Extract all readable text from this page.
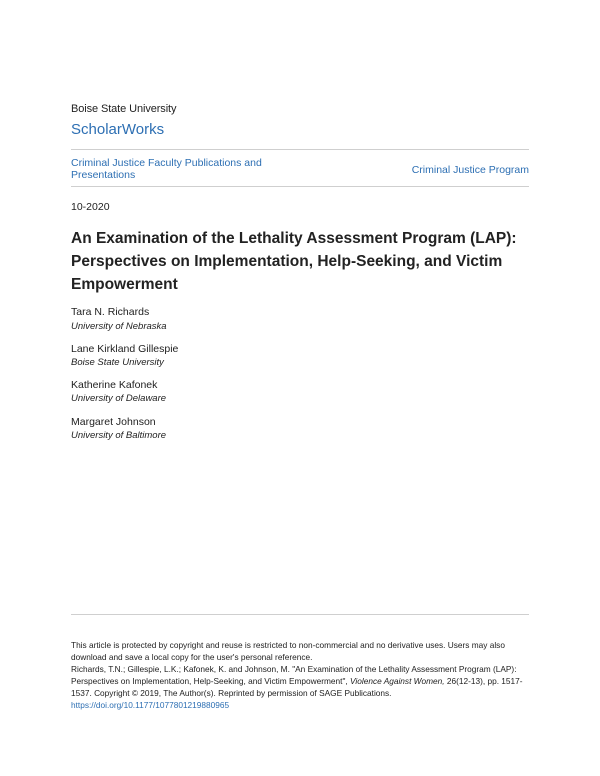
Boise State University
ScholarWorks
Criminal Justice Faculty Publications and Presentations	Criminal Justice Program
10-2020
An Examination of the Lethality Assessment Program (LAP): Perspectives on Implementation, Help-Seeking, and Victim Empowerment
Tara N. Richards
University of Nebraska
Lane Kirkland Gillespie
Boise State University
Katherine Kafonek
University of Delaware
Margaret Johnson
University of Baltimore
This article is protected by copyright and reuse is restricted to non-commercial and no derivative uses. Users may also download and save a local copy for the user's personal reference.
Richards, T.N.; Gillespie, L.K.; Kafonek, K. and Johnson, M. "An Examination of the Lethality Assessment Program (LAP): Perspectives on Implementation, Help-Seeking, and Victim Empowerment", Violence Against Women, 26(12-13), pp. 1517-1537. Copyright © 2019, The Author(s). Reprinted by permission of SAGE Publications.
https://doi.org/10.1177/1077801219880965
